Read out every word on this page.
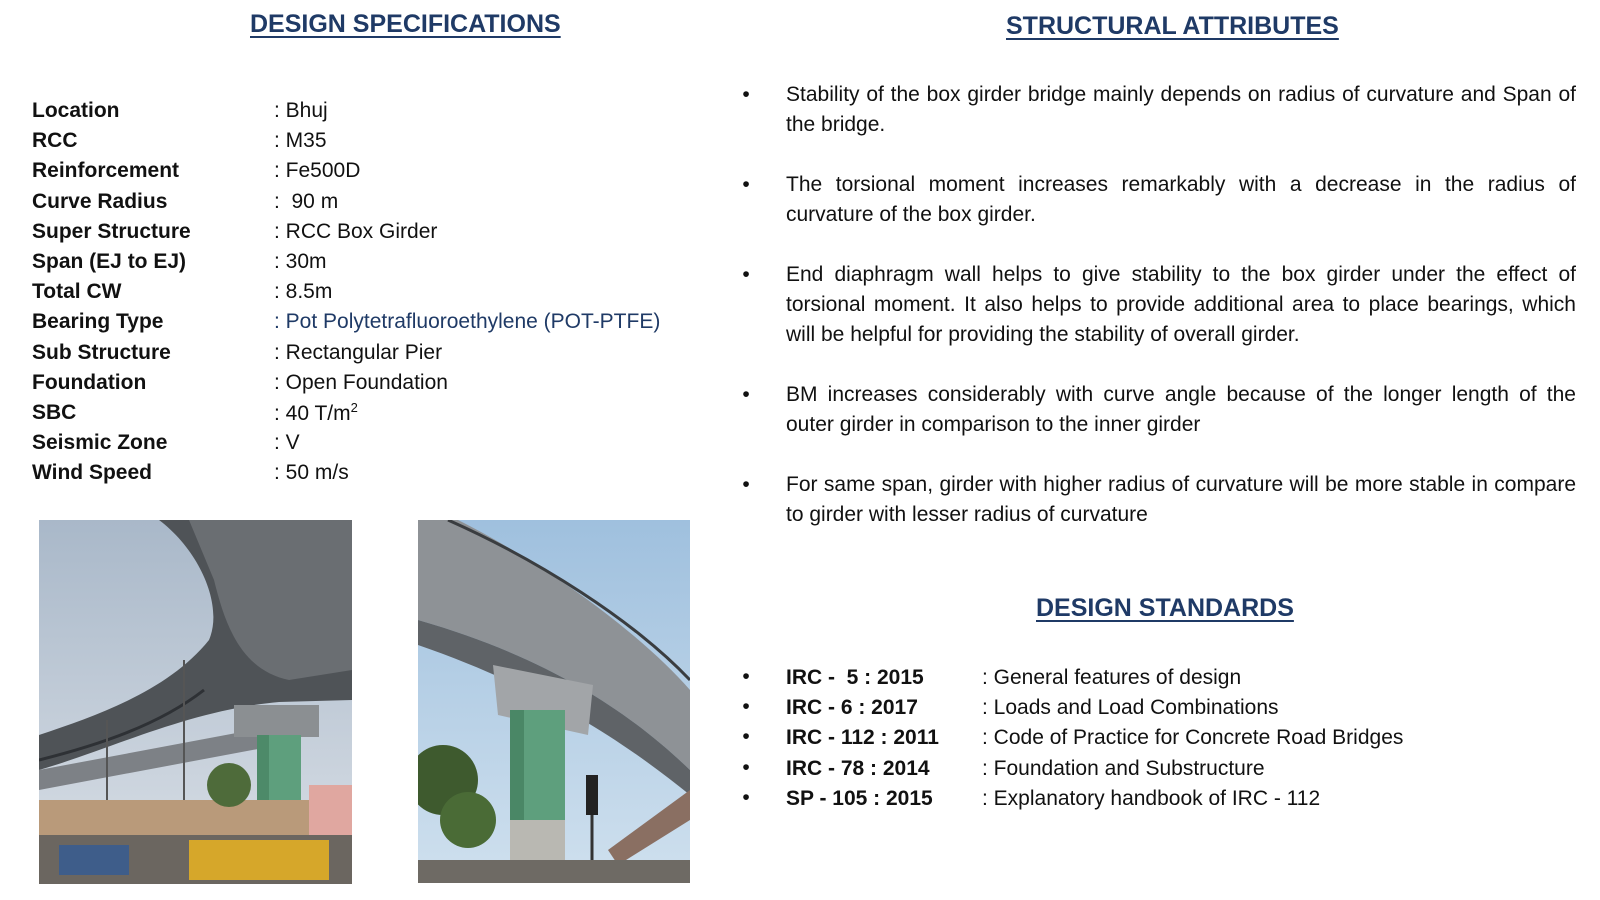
DESIGN SPECIFICATIONS	STRUCTURAL ATTRIBUTES
DESIGN STANDARDS
Location	: Bhuj
RCC	: M35
Reinforcement	: Fe500D
Curve Radius	:  90 m
Super Structure	: RCC Box Girder
Span (EJ to EJ)	: 30m
Total CW	: 8.5m
Bearing Type	: Pot Polytetrafluoroethylene (POT-PTFE)
Sub Structure	: Rectangular Pier
Foundation	: Open Foundation
SBC	: 40 $T/m^2$
Seismic Zone	: V
Wind Speed	: 50 m/s
• Stability of the box girder bridge mainly depends on radius of curvature and Span of the bridge.
• The torsional moment increases remarkably with a decrease in the radius of curvature of the box girder.
• End diaphragm wall helps to give stability to the box girder under the effect of torsional moment. It also helps to provide additional area to place bearings, which will be helpful for providing the stability of overall girder.
• BM increases considerably with curve angle because of the longer length of the outer girder in comparison to the inner girder
• For same span, girder with higher radius of curvature will be more stable in compare to girder with lesser radius of curvature
• IRC -  5 : 2015	: General features of design
• IRC - 6 : 2017	: Loads and Load Combinations
• IRC - 112 : 2011	: Code of Practice for Concrete Road Bridges
• IRC - 78 : 2014	: Foundation and Substructure
• SP - 105 : 2015	: Explanatory handbook of IRC - 112
